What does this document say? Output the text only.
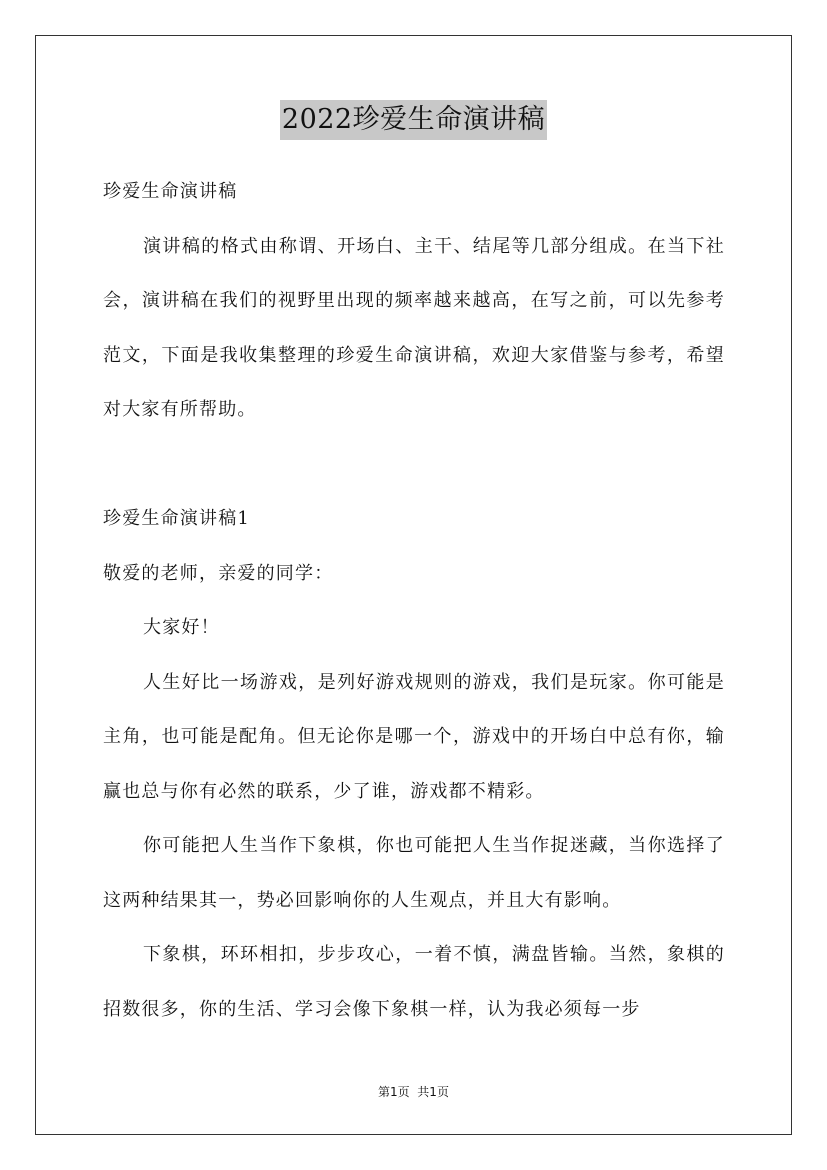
2022珍爱生命演讲稿

珍爱生命演讲稿

演讲稿的格式由称谓、开场白、主干、结尾等几部分组成。在当下社会，演讲稿在我们的视野里出现的频率越来越高，在写之前，可以先参考范文，下面是我收集整理的珍爱生命演讲稿，欢迎大家借鉴与参考，希望对大家有所帮助。

珍爱生命演讲稿1

敬爱的老师，亲爱的同学：

大家好！

人生好比一场游戏，是列好游戏规则的游戏，我们是玩家。你可能是主角，也可能是配角。但无论你是哪一个，游戏中的开场白中总有你，输赢也总与你有必然的联系，少了谁，游戏都不精彩。

你可能把人生当作下象棋，你也可能把人生当作捉迷藏，当你选择了这两种结果其一，势必回影响你的人生观点，并且大有影响。

下象棋，环环相扣，步步攻心，一着不慎，满盘皆输。当然，象棋的招数很多，你的生活、学习会像下象棋一样，认为我必须每一步

第1页  共1页
